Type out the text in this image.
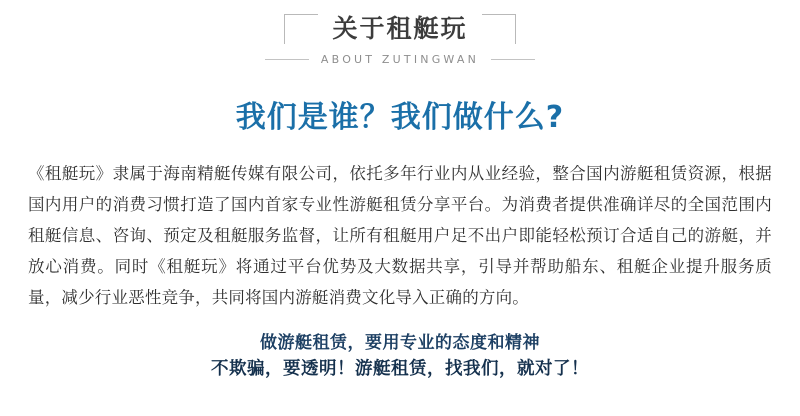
关于租艇玩
ABOUT ZUTINGWAN
我们是谁？我们做什么?
《租艇玩》隶属于海南精艇传媒有限公司，依托多年行业内从业经验，整合国内游艇租赁资源，根据国内用户的消费习惯打造了国内首家专业性游艇租赁分享平台。为消费者提供准确详尽的全国范围内租艇信息、咨询、预定及租艇服务监督，让所有租艇用户足不出户即能轻松预订合适自己的游艇，并放心消费。同时《租艇玩》将通过平台优势及大数据共享，引导并帮助船东、租艇企业提升服务质量，减少行业恶性竞争，共同将国内游艇消费文化导入正确的方向。
做游艇租赁，要用专业的态度和精神
不欺骗，要透明！游艇租赁，找我们，就对了！
